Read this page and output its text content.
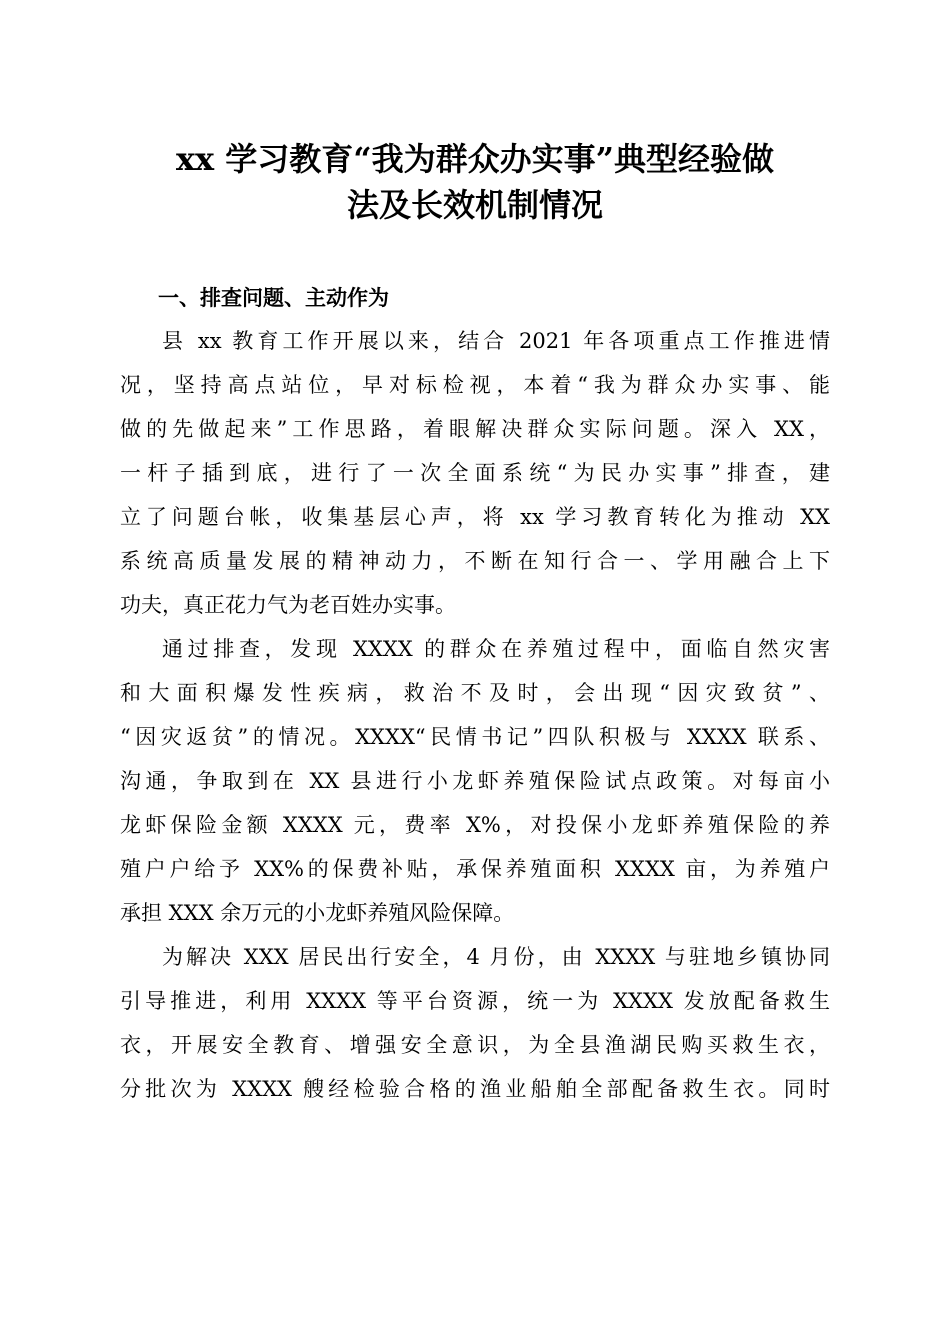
xx 学习教育“我为群众办实事”典型经验做
法及长效机制情况
一、排查问题、主动作为
县 xx 教育工作开展以来，结合 2021 年各项重点工作推进情
况，坚持高点站位，早对标检视，本着“我为群众办实事、能
做的先做起来”工作思路，着眼解决群众实际问题。深入 XX，
一杆子插到底，进行了一次全面系统“为民办实事”排查，建
立了问题台帐，收集基层心声，将 xx 学习教育转化为推动 XX
系统高质量发展的精神动力，不断在知行合一、学用融合上下
功夫，真正花力气为老百姓办实事。
通过排查，发现 XXXX 的群众在养殖过程中，面临自然灾害
和大面积爆发性疾病，救治不及时，会出现“因灾致贫”、
“因灾返贫”的情况。XXXX“民情书记”四队积极与 XXXX 联系、
沟通，争取到在 XX 县进行小龙虾养殖保险试点政策。对每亩小
龙虾保险金额 XXXX 元，费率 X%，对投保小龙虾养殖保险的养
殖户户给予 XX%的保费补贴，承保养殖面积 XXXX 亩，为养殖户
承担 XXX 余万元的小龙虾养殖风险保障。
为解决 XXX 居民出行安全，4 月份，由 XXXX 与驻地乡镇协同
引导推进，利用 XXXX 等平台资源，统一为 XXXX 发放配备救生
衣，开展安全教育、增强安全意识，为全县渔湖民购买救生衣，
分批次为 XXXX 艘经检验合格的渔业船舶全部配备救生衣。同时
